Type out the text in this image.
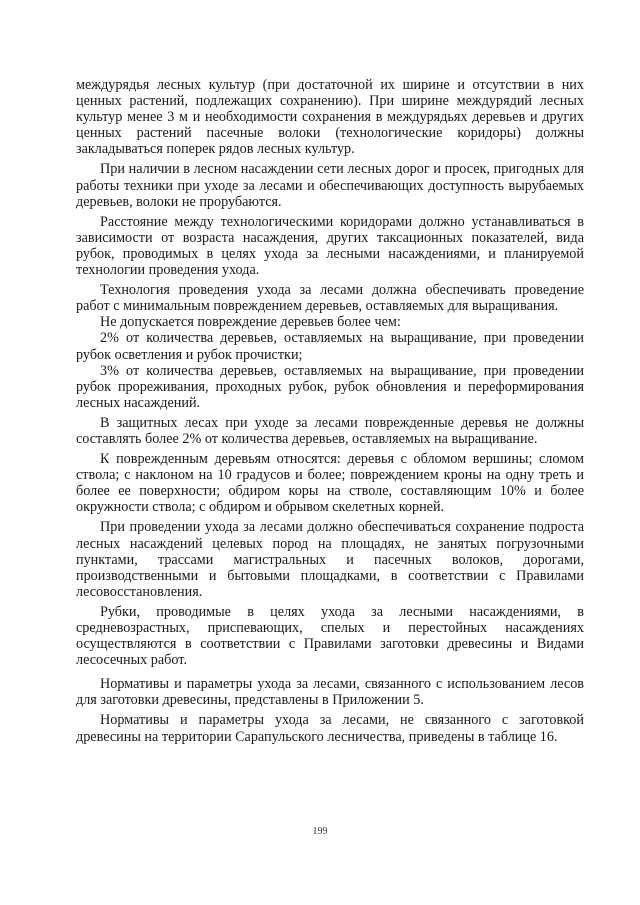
междурядья лесных культур (при достаточной их ширине и отсутствии в них ценных растений, подлежащих сохранению). При ширине междурядий лесных культур менее 3 м и необходимости сохранения в междурядьях деревьев и других ценных растений пасечные волоки (технологические коридоры) должны закладываться поперек рядов лесных культур.

При наличии в лесном насаждении сети лесных дорог и просек, пригодных для работы техники при уходе за лесами и обеспечивающих доступность вырубаемых деревьев, волоки не прорубаются.

Расстояние между технологическими коридорами должно устанавливаться в зависимости от возраста насаждения, других таксационных показателей, вида рубок, проводимых в целях ухода за лесными насаждениями, и планируемой технологии проведения ухода.

Технология проведения ухода за лесами должна обеспечивать проведение работ с минимальным повреждением деревьев, оставляемых для выращивания.

Не допускается повреждение деревьев более чем:

2% от количества деревьев, оставляемых на выращивание, при проведении рубок осветления и рубок прочистки;

3% от количества деревьев, оставляемых на выращивание, при проведении рубок прореживания, проходных рубок, рубок обновления и переформирования лесных насаждений.

В защитных лесах при уходе за лесами поврежденные деревья не должны составлять более 2% от количества деревьев, оставляемых на выращивание.

К поврежденным деревьям относятся: деревья с обломом вершины; сломом ствола; с наклоном на 10 градусов и более; повреждением кроны на одну треть и более ее поверхности; обдиром коры на стволе, составляющим 10% и более окружности ствола; с обдиром и обрывом скелетных корней.

При проведении ухода за лесами должно обеспечиваться сохранение подроста лесных насаждений целевых пород на площадях, не занятых погрузочными пунктами, трассами магистральных и пасечных волоков, дорогами, производственными и бытовыми площадками, в соответствии с Правилами лесовосстановления.

Рубки, проводимые в целях ухода за лесными насаждениями, в средневозрастных, приспевающих, спелых и перестойных насаждениях осуществляются в соответствии с Правилами заготовки древесины и Видами лесосечных работ.

Нормативы и параметры ухода за лесами, связанного с использованием лесов для заготовки древесины, представлены в Приложении 5.

Нормативы и параметры ухода за лесами, не связанного с заготовкой древесины на территории Сарапульского лесничества, приведены в таблице 16.

199
